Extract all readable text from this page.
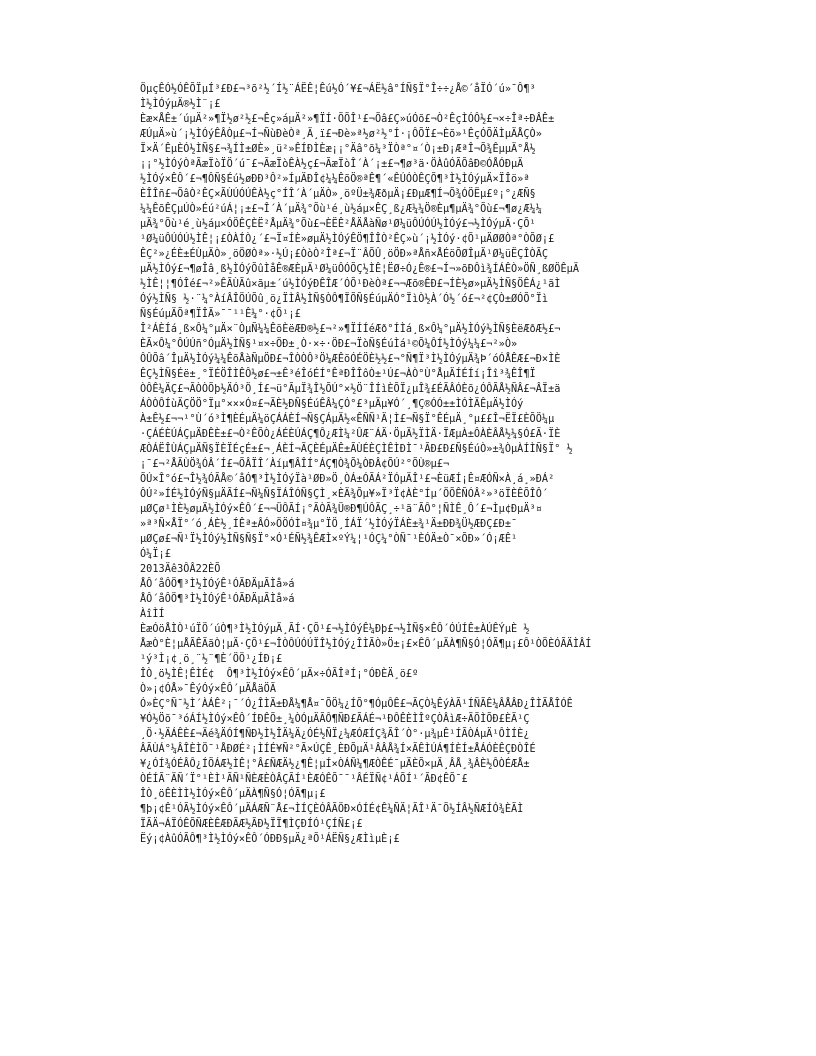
ÖµçÊÓ½ÓÊÕÏµÍ³£Ð£¬³õ²½´Í½¨ÁËÊ¦Êú½Ó´¥£¬ÁË½â°ÍÑ§Ï°Î÷÷¿Å©´åÏÓ´ú»¯Ô¶³
Ì½ÌÓýµÄ®½Ì¨¡£
Èæ×ÅÊ±´úµÄ²»¶Ï½ø²½£¬Êç»áµÄ²»¶ÏÍ·ÕÕÎ¹£¬Õâ£Ç»úÓõ£¬Ò²ÊçÌÓÔ½£¬×÷Îª÷ÐÂÊ±
ÆÚµÄ»ù´¡½ÌÓýÊÂÒµ£¬Í¬ÑùÐèÒª¸Ä¸ï£¬Ðè»ª½ø²½°Í·¡ÔÕÏ£¬Èõ»¹ÊçÓÕÄÌµÄÅÇÒ»
Ï×Ä´ÊµÈÓ½ÌÑ§£¬¾ÍÌ±ØÈ»¸ü²»ÊÍÐÌÈæ¡¡°Äâ°õ¼³ÏÒª°¤´Ò¡±Ð¡ÆªÎ¬Õ¾ÊµµÄ°Å½
¡¡°½ÌÓýÒªÃæÏòÏÖ´ú¯£¬ÃæÏòÊÀ½ç£¬ÃæÏòÎ´À´¡±£¬¶ø³ä·ÖÀûÓÃÕâÐ©ÓÅÓÐµÄ
½ÌÓý×ÊÔ´£¬¶ÔÑ§Éú½øÐÐ³Ô²»ÍµÄÐÎ¢¼¼ÊõÖ®ªÊ¶´«ÊÚÓÒÊÇÕ¶³Ì½ÌÓýµÄ×ÏÎö»ª
ÈÎÎñ£¬ÕâÒ²ÊÇ×ÃÙÚÓÚÊÀ½ç°ÍÎ´À´µÄÒ»¸öºÜ±¾ÆðµÄ¡£ÐµÆ¶Í¬Õ¾ÓÖËµ£º¡°¿ÆÑ§
¼¼ÊõÊÇµÚÒ»Éú²úÁ¦¡±£¬Î´À´µÄ¾°Õù¹é¸ù½áµ×ÊÇ¸ß¿Æ¼¼Ö®Èµ¶µÄ¾°Õù£¬¶ø¿Æ¼¼
µÄ¾°Õù¹é¸ù½áµ×ÓÖÊÇÈË²ÅµÄ¾°Õù£¬ÈËÊ²ÅÄÅàÑø¹Ø¼üÔÚÓÚ½ÌÓý£¬½ÌÓýµÄ·ÇÕ¹
¹Ø¼üÔÚÓÚ½ÌÊ¦¡£ÒÀÍÒ¿´£¬Ï¤ÍÈ»øµÄ½ÌÓýÊÖ¶ÎÎÒ²ÊÇ»ù´¡½ÌÓý·¢Õ¹µÄØØÒª°ÒÕØ¡£
ÊÇ²»¿ÉÈ±ÉÙµÄÒ»¸öÖØÒª»·½Ú¡£ÒòÒ²Îª£¬Ï¨ÂÕÛ¸öÖÐ»ªÅñ×ÅÉöÕØÎµÄ¹Ø¼üËÇÎÒÃÇ
µÄ½ÌÓý£¬¶øÎâ¸ß½ÌÓýÕûÌåÊ®ÆÈµÄ¹Ø¼üÔÓÕÇ½ÌÊ¦ËØ÷Ó¿Ê®£¬Í¬»õÐÔì¾ÍÁÊÒ»ÖÑ¸ßØÖÊµÄ
½ÌÊ¦¦¶ÓÎé£¬²»ÊÃÙÃû×ãµ±´ú½ÌÓýÐÊÎÆ´ÓÕ¹ÐèÒª£¬¬Æõ®ÊÐ£¬ÍÈ½ø»µÄ½ÌÑ§ÖÊÁ¿¹ãÌ
Óý½ÌÑ§ ½·¨¼°ÀíÂÎÖÚÕû¸ö¿ÏÌÂ½ÌÑ§ÒÔ¶ÏÕÑ§ÉúµÄÓ°ÏìÒ½À´Ó½´ó£¬²¢ÇÒ±ØÓÕ°Ïì
Ñ§ÉúµÄÕª¶ÏÎÃ»¯¯¹¹Ê¼°·¢Õ¹¡£
Î²ÁÈÍá¸ß×Ô¼°µÄ×¨ÒµÑ¼¼ÊõÈëÆÐ®½£¬²»¶ÏÍÍéÆð°ÍÌá¸ß×Ô¼°µÄ½ÌÓý½ÌÑ§ÈëÆðÆ½£¬
ÈÃ×Ô¼°ÔÚÚñ°ÓµÄ½ÌÑ§¹¤×÷ÖÐ±¸Ò·×÷·ÖÐ£¬ÏòÑ§ÉúÌá¹©Õ¼ÔÍ½ÌÓý¼¼£¬²»Ò»
ÔÛÕâ´ÎµÄ½ÌÓý¼¼ÊõÅàÑµÖÐ£¬ÎÒÒÔ³Ö¼ÆÊõÓÉÖÈ½½£¬°Ñ¶Ï³Ì½ÌÓýµÄ¾Þ´óÓÅÊÆ£¬Ð×ÌÈ
ÊÇ½ÌÑ§Éë±¸°ÏÉÖÎÌÊÔ½ø£¬±Ê³éÎóÉÍ°ÊªÐÎÎôÒ±¹Ú£¬ÀÒ°Ù°ÅµÄÍÉÍí¡Îî³¾ÊÎ¶Ï
ÒÔÊ¼ÄÇ£¬ÃÒÒÕþ½ÄÓ³Ö¸Í£¬ü°ÃµÏ¾Î½ÕÚ°×½Ö¨ÎÍìÈÕÏ¿µÎ¾£ÉÃÂÓÈõ¿ÓÔÃÅ½ÑÂ£¬ÂÏ±ä
ÁÒÒÔÍùÄÇÖÖ°Ïµ°×××Ó¤£¬ÃÈ½ÐÑ§ÉúÊÂ¼ÇÓ°£³µÄµ¥Ó´¸¶Ç®ÓÓ±±ÌÓÌÄÊµÄ½ÌÓý
À±Ê½£¬¬¹°Ù´ó³Ì¶ÈÉµÄ¼öÇÁÁÈÍ¬Ñ§ÇÁµÄ½«ÊÑÑ¹Ä¦Ì£¬Ñ§Ï°ÊÉµÄ¸°µ££Î¬ËÏ£ÈÕÖ¼µ
·ÇÁÉÈÚÁÇµÄÐÊÈ±£¬Ò²ÊÕÒ¿ÁÉÈÚÁÇ¶Ô¿ÆÌ¼²ÛÆ¨ÁÄ·ÖµÄ½ÏÌÄ·ÏÆµÀ±ÔÀÈÂÅ½¼§Ó£Ã·ÏÈ
ÆÒÁËÎÙÁÇµÄÑ§ÏÈÏÉçÉ±£¬¸ÁÈÍ¬ÃÇÈÉµÄÊ±ÃÙÉÈÇÌÊÌÐÌ¯¹ÃÐ£Ð£Ñ§ÉúÒ»±¾ÒµÀÍÌÑ§Ï° ½
¡¯£¬²ÅÃÙÖ¾ÓÂ´Í£¬ÕÂÏÎ´Àíµ¶ÂÎÍ°ÁÇ¶Ò¾Õ¼ÒÐÂ¢ÕÚ²°ÕÙ®µ£¬
ÕÚ×Î°ó£¬Î½¾ÓÃÅ©´åÓ¶³Ì½ÌÓýÏà¹ØÐ»Ö¸ÒÁ±ÓÃÁ²ÏÓµÄÎ¹£¬ÈüÆÍ¡Ê¤ÆÓÑ×À¸á¸»ÐÁ²
ÔÚ²»ÍÉ½ÌÓýÑ§µÄÃÍ£¬Ñ¼Ñ§ÏÁÎÓÑ§ÇÌ¸×ÈÄ¾Õµ¥»Ï³Ï¢ÀÈ°Íµ´ÖÕÊÑÓÂ²»³öÏÈÊÕÎÔ´
µØÇø¹ÌÈ½øµÄ½ÌÓý×ÊÔ´£¬¬ÜÔÃÍ¡°ÃÒÃ¾Ü®Ð¶ÚÔÃÇ¸÷¹ã¨ÃÔ°¦ÑÌÊ¸Ô´£¬Ìµ¢ÐµÄ³¤
»ª³Ñ×ÅÏ°´ó¸ÁÈ½¸ÍÊª±ÂÓ»ÖÖÓÌ¤¾µ°ÏÖ¸ÍÁÏ´½ÌÓýÏÁÈ±¾¹Ä±ÐÐ¾Ü½ÆÐÇ£Ð±¯
µØÇø£¬Ñ¹Ï½ÌÓý½ÌÑ§Ñ§Ï°×Ó¹ÉÑ½¾ÊÆÌ×ºÝ¼¦¹ÓÇ¼°ÒÑ¯¹ÈÓÄ±Ò¯×ÕÐ»´Ó¡ÆÊ¹
Ó¼Ï¡£
2013Äê3ÔÂ22ÈÕ
ÅÔ´åÔÖ¶³Ì½ÌÓýÊ¹ÓÃÐÄµÃÌå»á
ÅÔ´åÔÖ¶³Ì½ÌÓýÊ¹ÓÃÐÄµÃÌå»á
ÀîÌÍ
ÈæÓöÅÌÒ¹úÏÖ´úÒ¶³Ì½ÌÓýµÄ¸ÃÍ·ÇÕ¹£¬½ÌÓýÊ¼Ðþ£¬½ÌÑ§×ÊÔ´ÓÚÍÊ±ÀÚÊÝµÈ ½
ÅæÒ°È¦µÅÃÊÃãÒ¦µÄ·ÇÕ¹£¬ÎÒÔÚÓÚÏÎ½ÌÓý¿ÎÌÃÒ»Ö±¡£×ÊÔ´µÄÀ¶Ñ§Ó¦ÓÃ¶µ¡£Ô¹ÒÕÈÓÃÄÌÂÍ
¹ý³Ì¡¢¸ö¸¨½¨¶È´ÖÖ¹¿ÍÐ¡£
ÎÒ¸ö½ÌÊ¦ÊÌÉ¢  Ô¶³Ì½ÌÓý×ÊÔ´µÄ×÷ÓÃÎªÍ¡°ÓÐÈÄ¸ö£º
Ò»¡¢ÓÅ»¯ÊýÓý×ÊÔ´µÄÅäÖÃ
Ó»ÈÇ°Ñ¯½Ì´ÀÁÊ²¡¯´Ó¿ÎÌÄ±ÐÅ¼¶Å¤¯ÕÖ¼¿ÍÕ°¶ÓµÔÊ£¬ÃÇÒ¼ÊýÀÃ¹ÍÑÃÊ¼ÂÅÂÐ¿ÎÌÃÅÎÓÊ
¥Ó½Öõ¯³óÁÍ½ÌÓý×ÊÔ´ÍÐÊÕ±¸¼ÒÓµÄÃÔ¶ÑÐ£ÃÁÉ¬¹ÐÔÊÈÌÎºÇÒÂìÆ÷ÃÕÌÕÐ£ÈÃ¹Ç
¸Ö·½ÄÁÊÈ£¬Äé¾ÄÓÍ¶ÑÐ½Ì½ÎÄ¼Ä¿ÓÉ½ÑÏ¿¼ÆÓÆÍÇ¾ÃÎ´Ò°·µ¾µÊ¹ÍÃÒÁµÄ¹ÔÌÍÈ¿
ÂÃÙÁ°¼ÂÎÈÌÖ¯¹ÅÐØÉ²¡ÌÍÉ¥Ñ²°Ã×ÚÇÊ¸ÈÐÕµÄ¹ÂÂÅ¾Í×ÃÊÌÚÁ¶ÍÈÍ±ÅÁÓÈÊÇÐÒÎÉ
¥¿ÓÍ¾ÓÉÂÔ¿ÍÕÁÆ½ÌÊ¦°Â£ÑÆÄ½¿¶Ê¦µÍ×ÒÁÑ¼¶ÆÒÊÉ¯µÄÈÕ×µÄ¸ÂÅ¸¾ÂÈ½ÔÒÉÆÅ±
ÒÉÍÃ¨ÄÑ´Ï°¹ÈÌ¹ÃÑ¹ÑÈÆÈÒÂÇÃÍ¹ÈÆÓÊÕ¯¯¹ÂÉÏÑ¢¹ÁÕÍ¹´ÃÐ¢ÊÕ¯£
ÎÒ¸öÊÈÌÌ½ÌÓý×ÊÔ´µÄÀ¶Ñ§Ó¦ÓÃ¶µ¡£
¶þ¡¢Ê¹ÓÃ½ÌÓý×ÊÔ´µÄÁÆÑ¨Å£¬ÌÍÇÈÓÂÃÖÐ×ÓÍÉ¢Ê¼ÑÄ¦ÃÎ¹Ä¯Õ½ÍÂ½ÑÆÍÓ¾ÈÃÌ
ÏÃÄ¬ÁÏÓÊÕÑÆÈÊÆÐÃÆ½ÃÐ½ÏÏ¶ÌÇÐÍÓ¹ÇÍÑ£¡£
Ëý¡¢ÀûÓÃÔ¶³Ì½ÌÓý×ÊÔ´ÓÐÐ§µÄ¿ªÕ¹ÁËÑ§¿ÆÌìµÈ¡£
